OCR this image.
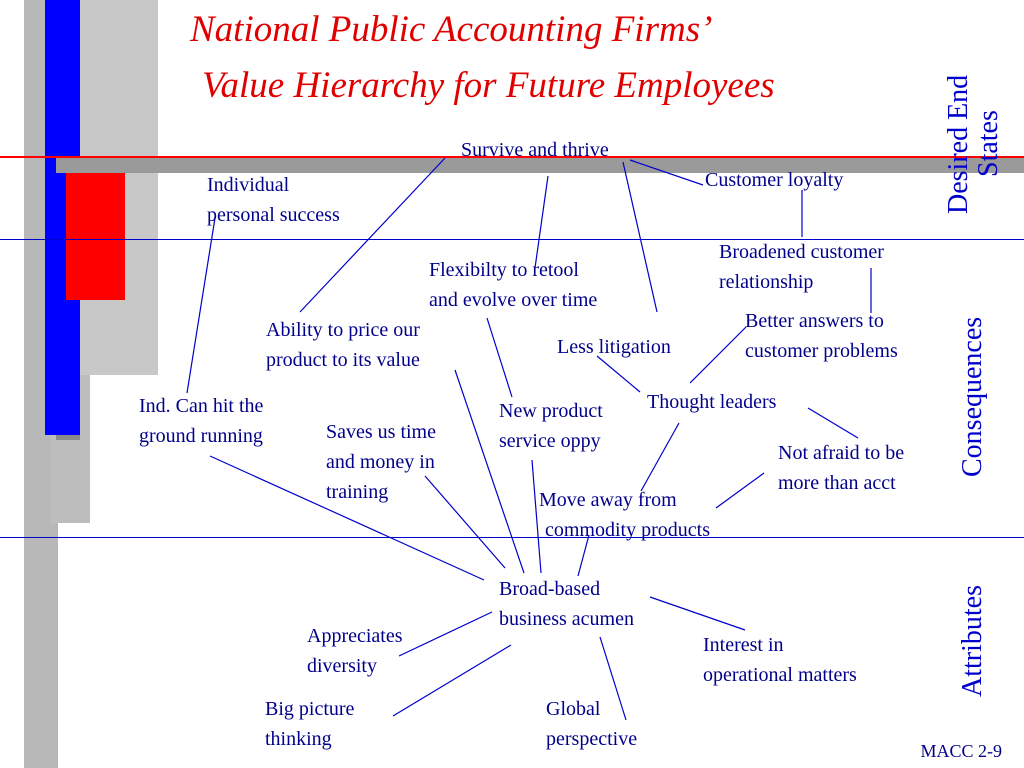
National Public Accounting Firms’
Value Hierarchy for Future Employees
Survive and thrive
Individual
personal success
Customer loyalty
Broadened customer
relationship
Flexibilty to retool
and evolve over time
Better answers to
customer problems
Ability to price our
product to its value
Less litigation
Thought leaders
Ind. Can hit the
ground running	Saves us time
and money in
training
New product
service oppy
Not afraid to be
more than acct
Move away from
commodity products
Broad-based
business acumen
Appreciates
diversity
Interest in
operational matters
Big picture
thinking
Global
perspective
Desired End States
Consequences
Attributes
MACC 2-9
